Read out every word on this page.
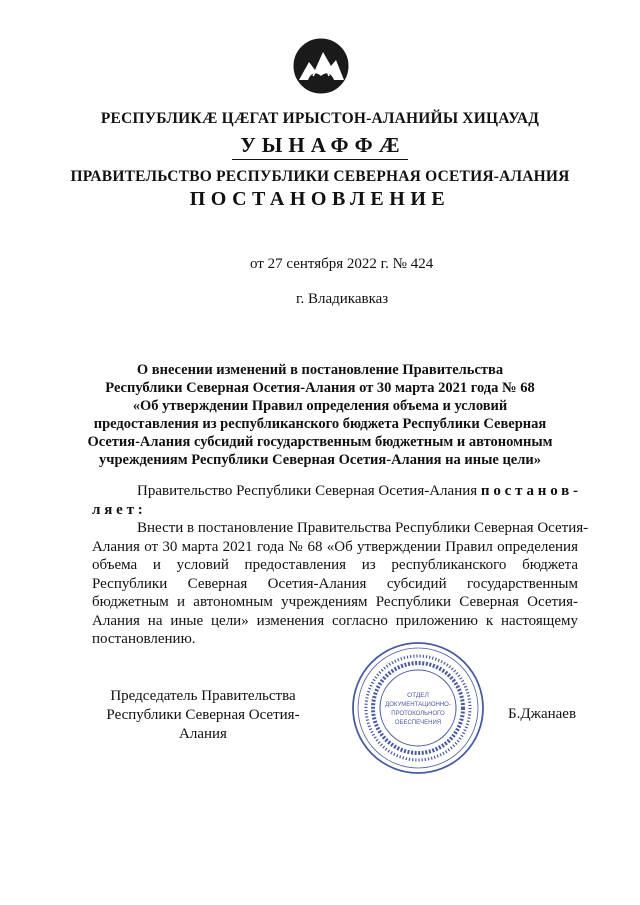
РЕСПУБЛИКӔ ЦӔГАТ ИРЫСТОН-АЛАНИЙЫ ХИЦАУАД
УЫНАФФӔ
ПРАВИТЕЛЬСТВО РЕСПУБЛИКИ СЕВЕРНАЯ ОСЕТИЯ-АЛАНИЯ
ПОСТАНОВЛЕНИЕ
от 27 сентября 2022 г. № 424
г. Владикавказ
О внесении изменений в постановление Правительства
Республики Северная Осетия-Алания от 30 марта 2021 года № 68
«Об утверждении Правил определения объема и условий
предоставления из республиканского бюджета Республики Северная
Осетия-Алания субсидий государственным бюджетным и автономным
учреждениям Республики Северная Осетия-Алания на иные цели»
Правительство Республики Северная Осетия-Алания постанов-
ляет:
Внести в постановление Правительства Республики Северная Осетия-
Алания от 30 марта 2021 года № 68 «Об утверждении Правил определения
объема и условий предоставления из республиканского бюджета
Республики Северная Осетия-Алания субсидий государственным
бюджетным и автономным учреждениям Республики Северная Осетия-
Алания на иные цели» изменения согласно приложению к настоящему
постановлению.
Председатель Правительства
Республики Северная Осетия-Алания
Б.Джанаев
ОТДЕЛ
ДОКУМЕНТАЦИОННО-
ПРОТОКОЛЬНОГО
ОБЕСПЕЧЕНИЯ
